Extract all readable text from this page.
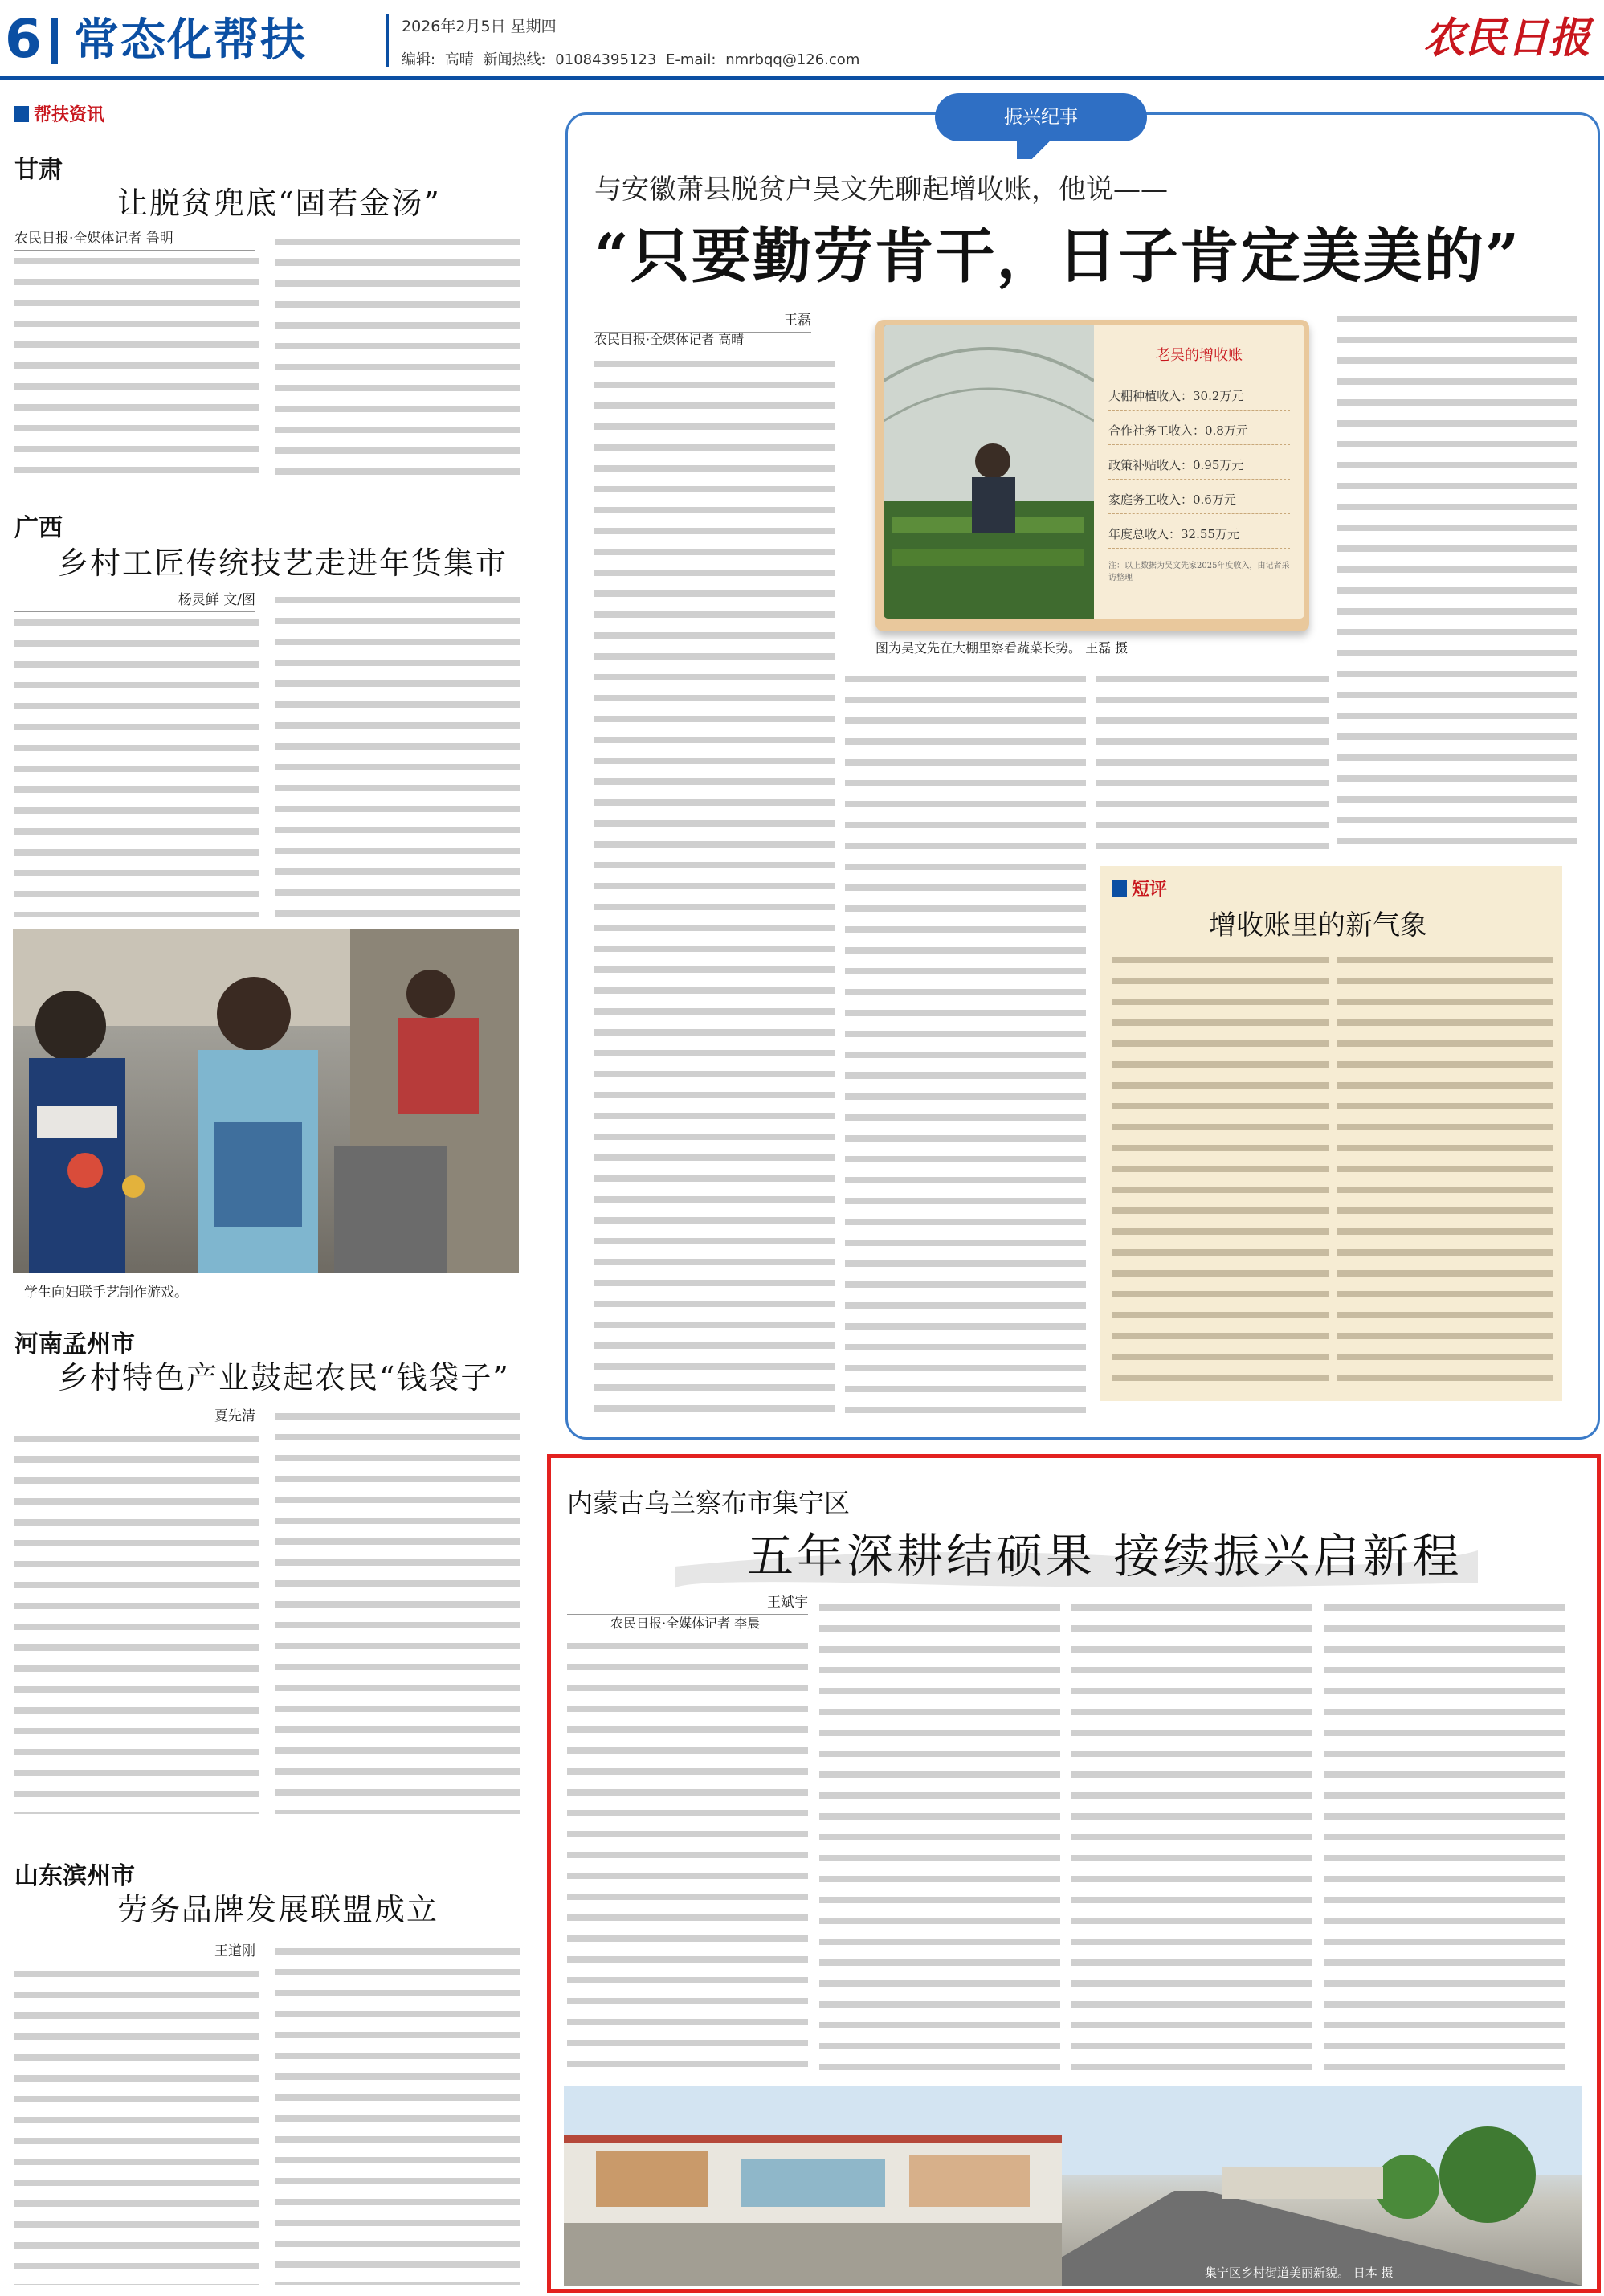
6 常态化帮扶	2026年2月5日 星期四
编辑: 高晴 新闻热线: 01084395123 E-mail: nmrbqq@126.com	农民日报
帮扶资讯
甘肃
让脱贫兜底“固若金汤”
农民日报·全媒体记者 鲁明
广西
乡村工匠传统技艺走进年货集市
杨灵鲜 文/图
学生向妇联手艺制作游戏。
河南孟州市
乡村特色产业鼓起农民“钱袋子”
夏先清
山东滨州市
劳务品牌发展联盟成立
王道刚
振兴纪事
与安徽萧县脱贫户吴文先聊起增收账，他说——
“只要勤劳肯干，日子肯定美美的”
王磊
农民日报·全媒体记者 高晴
老吴的增收账
大棚种植收入：30.2万元
合作社务工收入：0.8万元
政策补贴收入：0.95万元
家庭务工收入：0.6万元
年度总收入：32.55万元
注：以上数据为吴文先家2025年度收入，由记者采访整理
图为吴文先在大棚里察看蔬菜长势。 王磊 摄
短评
增收账里的新气象
内蒙古乌兰察布市集宁区
五年深耕结硕果 接续振兴启新程
王斌宇
农民日报·全媒体记者 李晨
集宁区乡村街道美丽新貌。 日本 摄
